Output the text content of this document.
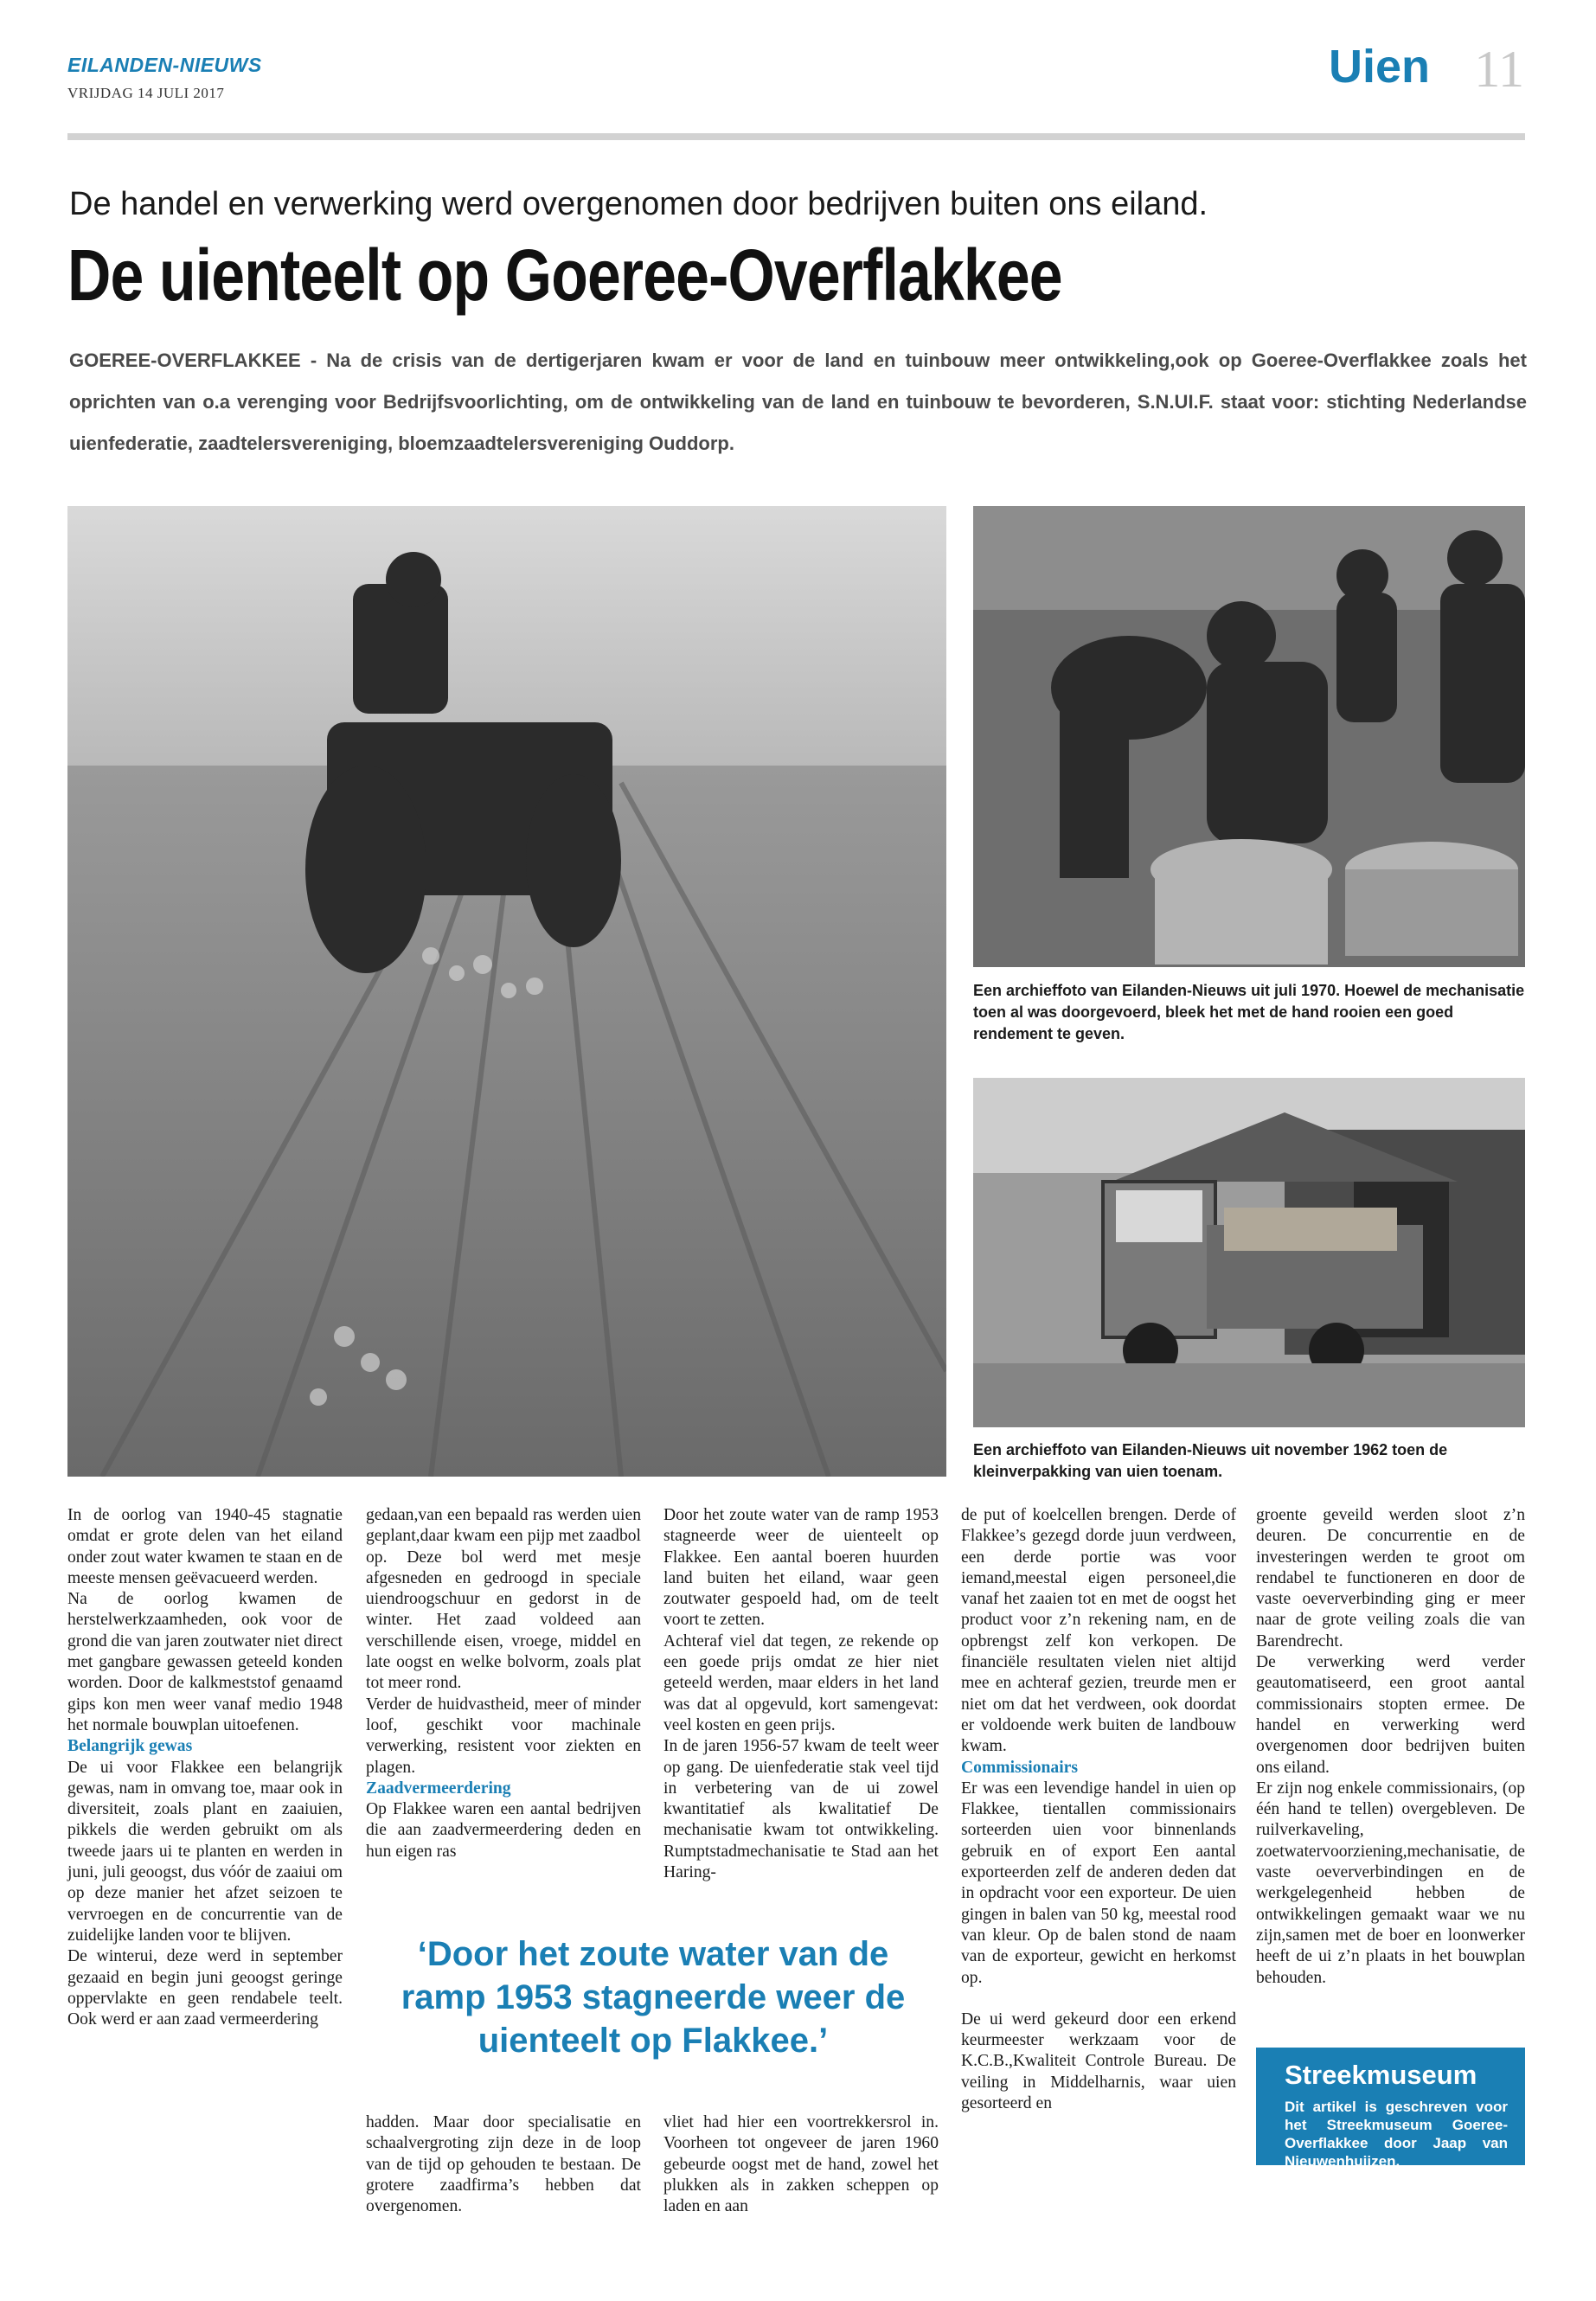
EILANDEN-NIEUWS
VRIJDAG 14 JULI 2017
Uien 11
De handel en verwerking werd overgenomen door bedrijven buiten ons eiland.
De uienteelt op Goeree-Overflakkee
GOEREE-OVERFLAKKEE - Na de crisis van de dertigerjaren kwam er voor de land en tuinbouw meer ontwikkeling,ook op Goeree-Overflakkee zoals het oprichten van o.a verenging voor Bedrijfsvoorlichting, om de ontwikkeling van de land en tuinbouw te bevorderen, S.N.UI.F. staat voor: stichting Nederlandse uienfederatie, zaadtelersvereniging, bloemzaadtelersvereniging Ouddorp.
Een archieffoto van Eilanden-Nieuws uit juli 1970. Hoewel de mechanisatie toen al was doorgevoerd, bleek het met de hand rooien een goed rendement te geven.
Een archieffoto van Eilanden-Nieuws uit november 1962 toen de kleinverpakking van uien toenam.

In de oorlog van 1940-45 stagnatie omdat er grote delen van het eiland onder zout water kwamen te staan en de meeste mensen geëvacueerd werden.

Na de oorlog kwamen de herstelwerkzaamheden, ook voor de grond die van jaren zoutwater niet direct met gangbare gewassen geteeld konden worden. Door de kalkmeststof genaamd gips kon men weer vanaf medio 1948 het normale bouwplan uitoefenen.

Belangrijk gewas

De ui voor Flakkee een belangrijk gewas, nam in omvang toe, maar ook in diversiteit, zoals plant en zaaiuien, pikkels die werden gebruikt om als tweede jaars ui te planten en werden in juni, juli geoogst, dus vóór de zaaiui om op deze manier het afzet seizoen te vervroegen en de concurrentie van de zuidelijke landen voor te blijven.

De winterui, deze werd in september gezaaid en begin juni geoogst geringe oppervlakte en geen rendabele teelt. Ook werd er aan zaad vermeerdering

gedaan,van een bepaald ras werden uien geplant,daar kwam een pijp met zaadbol op. Deze bol werd met mesje afgesneden en gedroogd in speciale uiendroogschuur en gedorst in de winter. Het zaad voldeed aan verschillende eisen, vroege, middel en late oogst en welke bolvorm, zoals plat tot meer rond.

Verder de huidvastheid, meer of minder loof, geschikt voor machinale verwerking, resistent voor ziekten en plagen.

Zaadvermeerdering

Op Flakkee waren een aantal bedrijven die aan zaadvermeerdering deden en hun eigen ras

hadden. Maar door specialisatie en schaalvergroting zijn deze in de loop van de tijd op gehouden te bestaan. De grotere zaadfirma’s hebben dat overgenomen.

Door het zoute water van de ramp 1953 stagneerde weer de uienteelt op Flakkee. Een aantal boeren huurden land buiten het eiland, waar geen zoutwater gespoeld had, om de teelt voort te zetten.

Achteraf viel dat tegen, ze rekende op een goede prijs omdat ze hier niet geteeld werden, maar elders in het land was dat al opgevuld, kort samengevat: veel kosten en geen prijs.

In de jaren 1956-57 kwam de teelt weer op gang. De uienfederatie stak veel tijd in verbetering van de ui zowel kwantitatief als kwalitatief De mechanisatie kwam tot ontwikkeling. Rumptstadmechanisatie te Stad aan het Haring-

vliet had hier een voortrekkersrol in. Voorheen tot ongeveer de jaren 1960 gebeurde oogst met de hand, zowel het plukken als in zakken scheppen op laden en aan

‘Door het zoute water van de ramp 1953 stagneerde weer de uienteelt op Flakkee.’

de put of koelcellen brengen. Derde of Flakkee’s gezegd dorde juun verdween, een derde portie was voor iemand,meestal eigen personeel,die vanaf het zaaien tot en met de oogst het product voor z’n rekening nam, en de opbrengst zelf kon verkopen. De financiële resultaten vielen niet altijd mee en achteraf gezien, treurde men er niet om dat het verdween, ook doordat er voldoende werk buiten de landbouw kwam.

Commissionairs

Er was een levendige handel in uien op Flakkee, tientallen commissionairs sorteerden uien voor binnenlands gebruik en of export Een aantal exporteerden zelf de anderen deden dat in opdracht voor een exporteur. De uien gingen in balen van 50 kg, meestal rood van kleur. Op de balen stond de naam van de exporteur, gewicht en herkomst op.

De ui werd gekeurd door een erkend keurmeester werkzaam voor de K.C.B.,Kwaliteit Controle Bureau. De veiling in Middelharnis, waar uien gesorteerd en

groente geveild werden sloot z’n deuren. De concurrentie en de investeringen werden te groot om rendabel te functioneren en door de vaste oeververbinding ging er meer naar de grote veiling zoals die van Barendrecht.

De verwerking werd verder geautomatiseerd, een groot aantal commissionairs stopten ermee. De handel en verwerking werd overgenomen door bedrijven buiten ons eiland.

Er zijn nog enkele commissionairs, (op één hand te tellen) overgebleven. De ruilverkaveling, zoetwatervoorziening,mechanisatie, de vaste oeververbindingen en de werkgelegenheid hebben de ontwikkelingen gemaakt waar we nu zijn,samen met de boer en loonwerker heeft de ui z’n plaats in het bouwplan behouden.

Streekmuseum
Dit artikel is geschreven voor het Streekmuseum Goeree-Overflakkee door Jaap van Nieuwenhuijzen.
